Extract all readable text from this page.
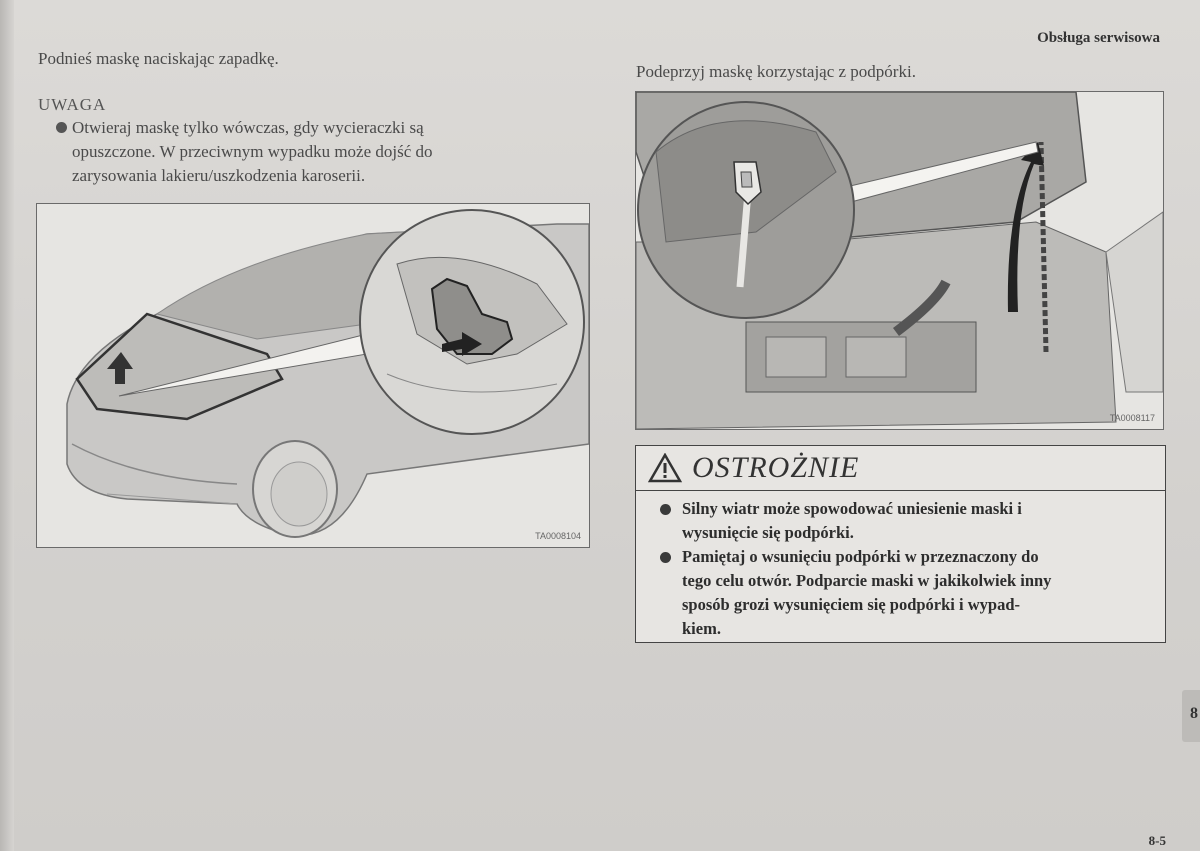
Obsługa serwisowa
Podnieś maskę naciskając zapadkę.
UWAGA
Otwieraj maskę tylko wówczas, gdy wycieraczki są
opuszczone. W przeciwnym wypadku może dojść do
zarysowania lakieru/uszkodzenia karoserii.
TA0008104
Podeprzyj maskę korzystając z podpórki.
TA0008117
OSTROŻNIE
Silny wiatr może spowodować uniesienie maski i
wysunięcie się podpórki.
Pamiętaj o wsunięciu podpórki w przeznaczony do
tego celu otwór. Podparcie maski w jakikolwiek inny
sposób grozi wysunięciem się podpórki i wypad-
kiem.
8
8-5
